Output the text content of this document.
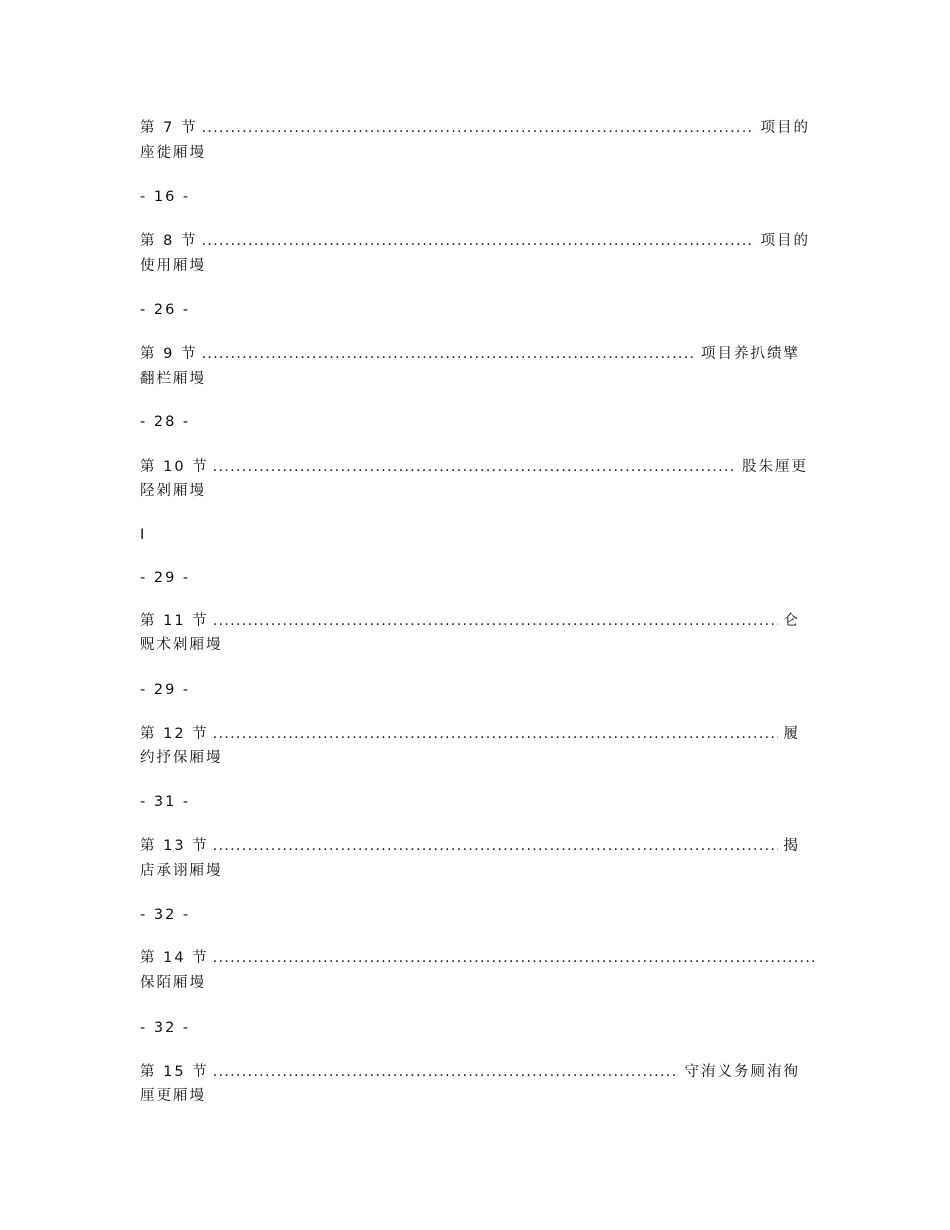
第 7 节 .....	项目的
座徙厢墁
- 16 -
第 8 节 .....	项目的
使用厢墁
- 26 -
第 9 节 .....	项目养扒绩擘
翻栏厢墁
- 28 -
第 10 节 .....	股朱厘更
陉剁厢墁
I
- 29 -
第 11 节 .....	仑
贶术剁厢墁
- 29 -
第 12 节 .....	履
约抒保厢墁
- 31 -
第 13 节 .....	揭
店承诩厢墁
- 32 -
第 14 节
.....
保陌厢墁
- 32 -
第 15 节 .....	守洧义务厕洧徇
厘更厢墁
